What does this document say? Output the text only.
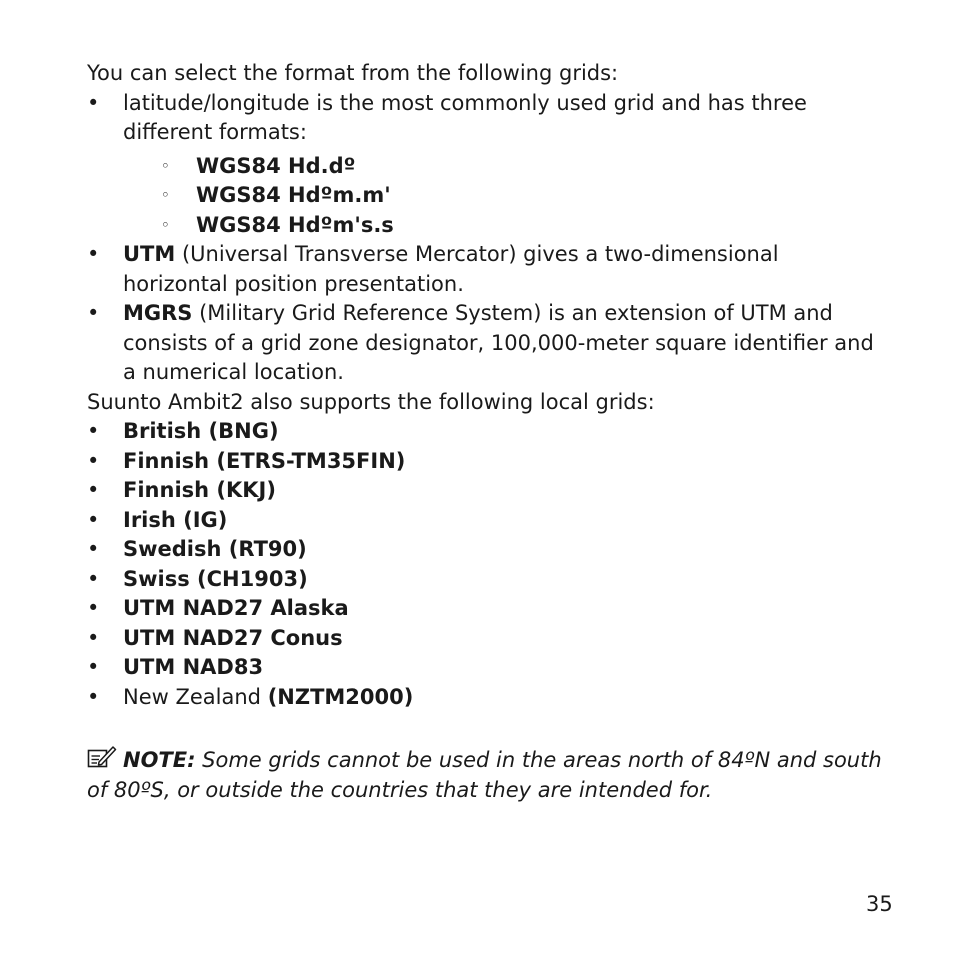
You can select the format from the following grids:

•	latitude/longitude is the most commonly used grid and has three different formats:
◦	WGS84 Hd.dº
◦	WGS84 Hdºm.m'
◦	WGS84 Hdºm's.s
•	UTM (Universal Transverse Mercator) gives a two-dimensional horizontal position presentation.
•	MGRS (Military Grid Reference System) is an extension of UTM and consists of a grid zone designator, 100,000-meter square identifier and a numerical location.

Suunto Ambit2 also supports the following local grids:

•	British (BNG)
•	Finnish (ETRS-TM35FIN)
•	Finnish (KKJ)
•	Irish (IG)
•	Swedish (RT90)
•	Swiss (CH1903)
•	UTM NAD27 Alaska
•	UTM NAD27 Conus
•	UTM NAD83
•	New Zealand (NZTM2000)
NOTE: Some grids cannot be used in the areas north of 84ºN and south of 80ºS, or outside the countries that they are intended for.
35
